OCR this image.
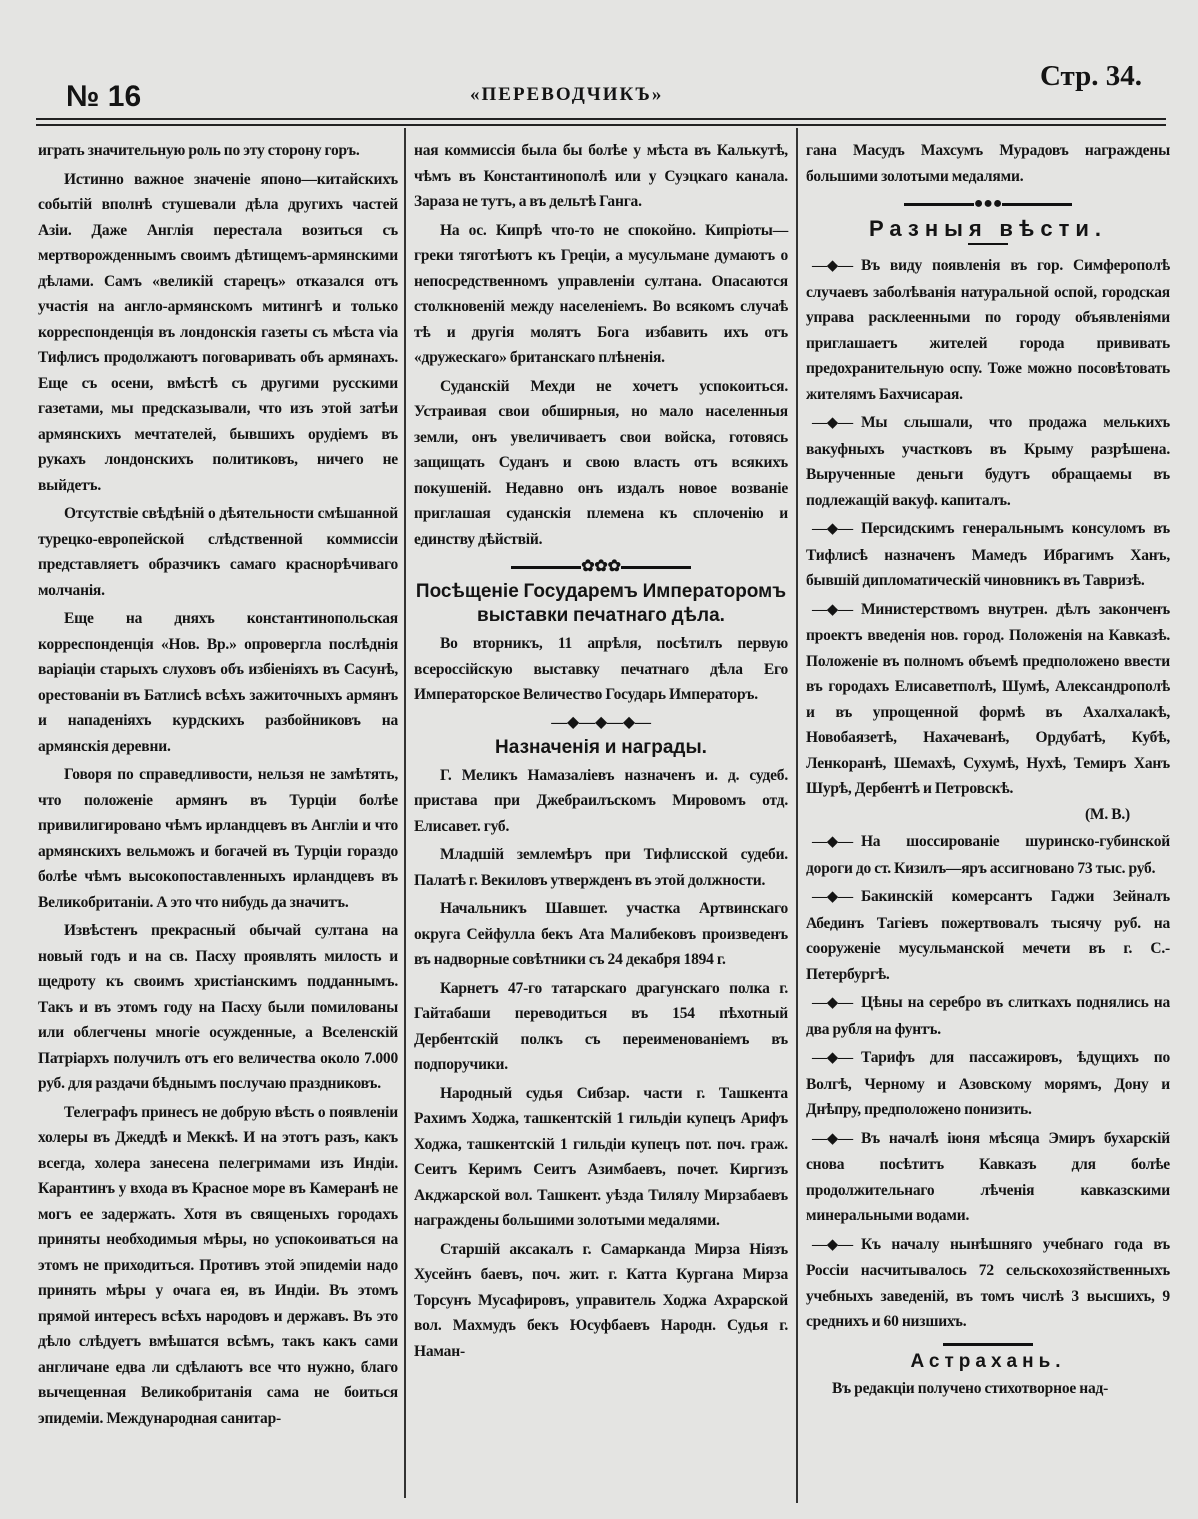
№ 16	«ПЕРЕВОДЧИКЪ»
Стр. 34.

играть значительную роль по эту сторону горъ.

Истинно важное значеніе японо—китайскихъ событій вполнѣ стушевали дѣла другихъ частей Азіи. Даже Англія перестала возиться съ мертворожденнымъ своимъ дѣтищемъ-армянскими дѣлами. Самъ «великій старецъ» отказался отъ участія на англо-армянскомъ митингѣ и только корреспонденція въ лондонскія газеты съ мѣста via Тифлисъ продолжаютъ поговаривать объ армянахъ. Еще съ осени, вмѣстѣ съ другими русскими газетами, мы предсказывали, что изъ этой затѣи армянскихъ мечтателей, бывшихъ орудіемъ въ рукахъ лондонскихъ политиковъ, ничего не выйдетъ.

Отсутствіе свѣдѣній о дѣятельности смѣшанной турецко-европейской слѣдственной коммиссіи представляетъ образчикъ самаго краснорѣчиваго молчанія.

Еще на дняхъ константинопольская корреспонденція «Нов. Вр.» опровергла послѣднія варіаціи старыхъ слуховъ объ избіеніяхъ въ Сасунѣ, орестованіи въ Батлисѣ всѣхъ зажиточныхъ армянъ и нападеніяхъ курдскихъ разбойниковъ на армянскія деревни.

Говоря по справедливости, нельзя не замѣтять, что положеніе армянъ въ Турціи болѣе привилигировано чѣмъ ирландцевъ въ Англіи и что армянскихъ вельможъ и богачей въ Турціи гораздо болѣе чѣмъ высокопоставленныхъ ирландцевъ въ Великобританіи. А это что нибудь да значитъ.

Извѣстенъ прекрасный обычай султана на новый годъ и на св. Пасху проявлять милость и щедроту къ своимъ христіанскимъ подданнымъ. Такъ и въ этомъ году на Пасху были помилованы или облегчены многіе осужденные, а Вселенскій Патріархъ получилъ отъ его величества около 7.000 руб. для раздачи бѣднымъ послучаю праздниковъ.

Телеграфъ принесъ не добрую вѣсть о появленіи холеры въ Джеддѣ и Меккѣ. И на этотъ разъ, какъ всегда, холера занесена пелегримами изъ Индіи. Карантинъ у входа въ Красное море въ Камеранѣ не могъ ее задержать. Хотя въ священыхъ городахъ приняты необходимыя мѣры, но успокоиваться на этомъ не приходиться. Противъ этой эпидеміи надо принять мѣры у очага ея, въ Индіи. Въ этомъ прямой интересъ всѣхъ народовъ и державъ. Въ это дѣло слѣдуетъ вмѣшатся всѣмъ, такъ какъ сами англичане едва ли сдѣлаютъ все что нужно, благо вычещенная Великобританія сама не боиться эпидеміи. Международная санитар-

ная коммиссія была бы болѣе у мѣста въ Калькутѣ, чѣмъ въ Константинополѣ или у Суэцкаго канала. Зараза не тутъ, а въ дельтѣ Ганга.

На ос. Кипрѣ что-то не спокойно. Кипріоты—греки тяготѣютъ къ Греціи, а мусульмане думаютъ о непосредственномъ управленіи султана. Опасаются столкновеній между населеніемъ. Во всякомъ случаѣ тѣ и другія молятъ Бога избавить ихъ отъ «дружескаго» британскаго плѣненія.

Суданскій Мехди не хочетъ успокоиться. Устраивая свои обширныя, но мало населенныя земли, онъ увеличиваетъ свои войска, готовясь защищать Суданъ и свою власть отъ всякихъ покушеній. Недавно онъ издалъ новое возваніе приглашая суданскія племена къ сплоченію и единству дѣйствій.

✿✿✿
Посѣщеніе Государемъ Императоромъ выставки печатнаго дѣла.

Во вторникъ, 11 апрѣля, посѣтилъ первую всероссійскую выставку печатнаго дѣла Его Императорское Величество Государь Императоръ.

—◆—◆—◆—
Назначенія и награды.

Г. Меликъ Намазаліевъ назначенъ и. д. судеб. пристава при Джебраилъскомъ Мировомъ отд. Елисавет. губ.

Младшій землемѣръ при Тифлисской судеби. Палатѣ г. Векиловъ утвержденъ въ этой должности.

Начальникъ Шавшет. участка Артвинскаго округа Сейфулла бекъ Ата Малибековъ произведенъ въ надворные совѣтники съ 24 декабря 1894 г.

Карнетъ 47-го татарскаго драгунскаго полка г. Гайтабаши переводиться въ 154 пѣхотный Дербентскій полкъ съ переименованіемъ въ подпоручики.

Народный судья Сибзар. части г. Ташкента Рахимъ Ходжа, ташкентскій 1 гильдіи купецъ Арифъ Ходжа, ташкентскій 1 гильдіи купецъ пот. поч. граж. Сеитъ Керимъ Сеитъ Азимбаевъ, почет. Киргизъ Акджарской вол. Ташкент. уѣзда Тилялу Мирзабаевъ награждены большими золотыми медалями.

Старшій аксакалъ г. Самарканда Мирза Ніязъ Хусейнъ баевъ, поч. жит. г. Катта Кургана Мирза Торсунъ Мусафировъ, управитель Ходжа Ахрарской вол. Махмудъ бекъ Юсуфбаевъ Народн. Судья г. Наман-

гана Масудъ Махсумъ Мурадовъ награждены большими золотыми медалями.

●●●
Разныя вѣсти.
—◆— Въ виду появленія въ гор. Симферополѣ случаевъ заболѣванія натуральной оспой, городская управа расклеенными по городу объявленіями приглашаетъ жителей города прививать предохранительную оспу. Тоже можно посовѣтовать жителямъ Бахчисарая.
—◆— Мы слышали, что продажа мелькихъ вакуфныхъ участковъ въ Крыму разрѣшена. Вырученные деньги будутъ обращаемы въ подлежащій вакуф. капиталъ.
—◆— Персидскимъ генеральнымъ консуломъ въ Тифлисѣ назначенъ Мамедъ Ибрагимъ Ханъ, бывшій дипломатическій чиновникъ въ Тавризѣ.
—◆— Министерствомъ внутрен. дѣлъ законченъ проектъ введенія нов. город. Положенія на Кавказѣ. Положеніе въ полномъ объемѣ предположено ввести въ городахъ Елисаветполѣ, Шумѣ, Александрополѣ и въ упрощенной формѣ въ Ахалхалакѣ, Новобаязетѣ, Нахачеванѣ, Ордубатѣ, Кубѣ, Ленкоранѣ, Шемахѣ, Сухумѣ, Нухѣ, Темиръ Ханъ Шурѣ, Дербентѣ и Петровскѣ.
(М. В.)
—◆— На шоссированіе шуринско-губинской дороги до ст. Кизилъ—яръ ассигновано 73 тыс. руб.
—◆— Бакинскій комерсантъ Гаджи Зейналъ Абединъ Тагіевъ пожертвовалъ тысячу руб. на сооруженіе мусульманской мечети въ г. С.-Петербургѣ.
—◆— Цѣны на серебро въ слиткахъ поднялись на два рубля на фунтъ.
—◆— Тарифъ для пассажировъ, ѣдущихъ по Волгѣ, Черному и Азовскому морямъ, Дону и Днѣпру, предположено понизить.
—◆— Въ началѣ іюня мѣсяца Эмиръ бухарскій снова посѣтитъ Кавказъ для болѣе продолжительнаго лѣченія кавказскими минеральными водами.
—◆— Къ началу нынѣшняго учебнаго года въ Россіи насчитывалось 72 сельскохозяйственныхъ учебныхъ заведеній, въ томъ числѣ 3 высшихъ, 9 среднихъ и 60 низшихъ.
Астрахань.

Въ редакціи получено стихотворное над-
